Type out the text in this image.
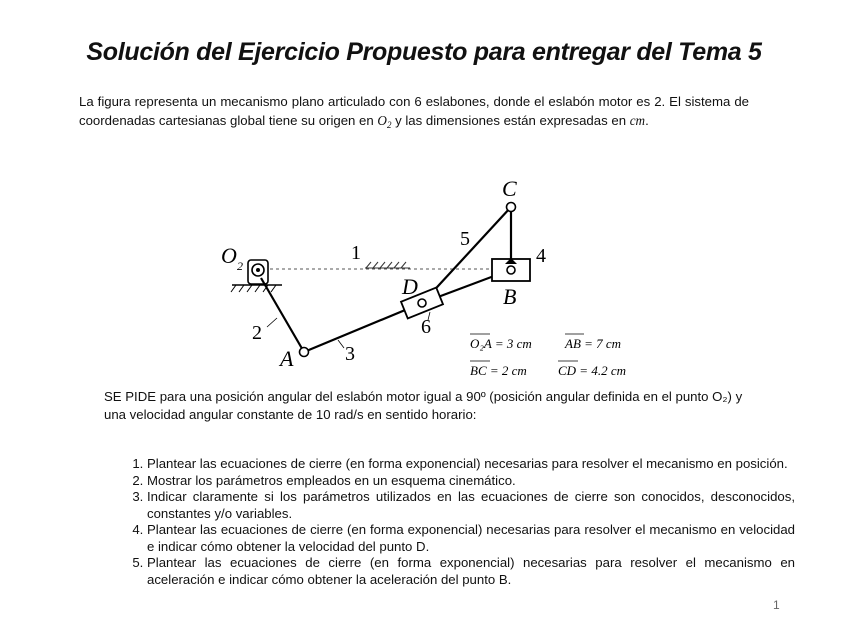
Solución del Ejercicio Propuesto para entregar del Tema 5
La figura representa un mecanismo plano articulado con 6 eslabones, donde el eslabón motor es 2. El sistema de coordenadas cartesianas global tiene su origen en $O_2$ y las dimensiones están expresadas en cm.
O 2
A
B
C
D
1
2
3
4
5
6
O₂A = 3 cm	AB = 7 cm
BC = 2 cm CD = 4.2 cm
SE PIDE para una posición angular del eslabón motor igual a 90º (posición angular definida en el punto O₂) y una velocidad angular constante de 10 rad/s en sentido horario:
1. Plantear las ecuaciones de cierre (en forma exponencial) necesarias para resolver el mecanismo en posición.
2. Mostrar los parámetros empleados en un esquema cinemático.
3. Indicar claramente si los parámetros utilizados en las ecuaciones de cierre son conocidos, desconocidos, constantes y/o variables.
4. Plantear las ecuaciones de cierre (en forma exponencial) necesarias para resolver el mecanismo en velocidad e indicar cómo obtener la velocidad del punto D.
5. Plantear las ecuaciones de cierre (en forma exponencial) necesarias para resolver el mecanismo en aceleración e indicar cómo obtener la aceleración del punto B.
1
